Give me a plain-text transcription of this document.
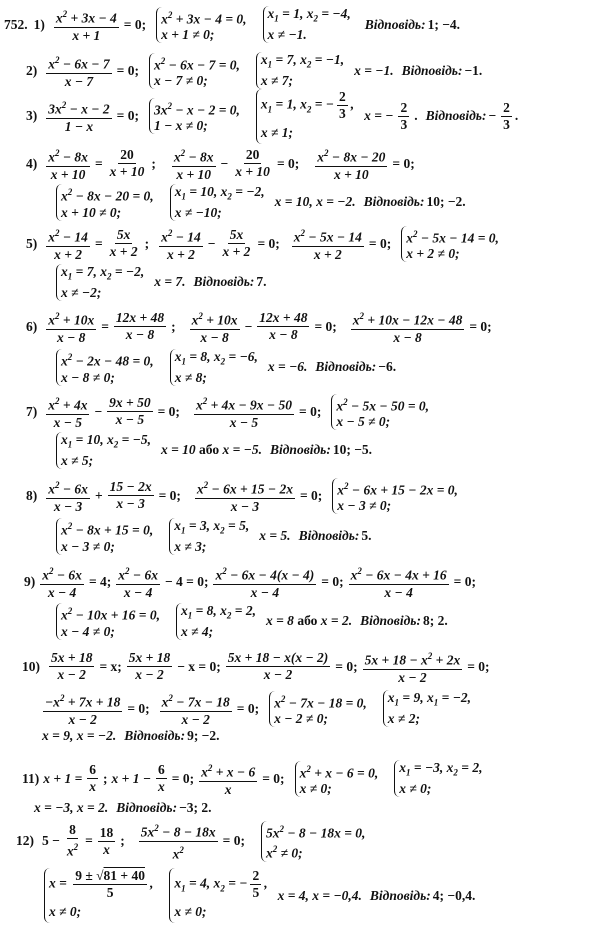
752. $1) \frac{x^2 + 3x - 4}{x + 1} = 0$; $x^2 + 3x - 4 = 0$,
x + 1 ≠ 0;
$x_1 = 1$, $x_2 = -4$,
x ≠ −1.
Відповідь: 1; −4.
$2) \frac{x^2 - 6x - 7}{x - 7} = 0$; $x^2 - 6x - 7 = 0$,
x − 7 ≠ 0;
$x_1 = 7$, $x_2 = -1$,
x ≠ 7;
x = −1. Відповідь: −1.
$3) \frac{3x^2 - x - 2}{1 - x} = 0$; $3x^2 - x - 2 = 0$,
1 − x ≠ 0;
$x_1 = 1$, $x_2$ = − $\frac{2}{3}$ ,
x ≠ 1;
x = − $\frac{2}{3}$ . Відповідь: − $\frac{2}{3}$ .
$4) \frac{x^2 - 8x}{x + 10} = \frac{20}{x + 10}$ ; $\frac{x^2 - 8x}{x + 10} - \frac{20}{x + 10} = 0$; $\frac{x^2 - 8x - 20}{x + 10} = 0$;
$x^2 - 8x - 20 = 0$,
x + 10 ≠ 0;
$x_1 = 10$, $x_2 = -2$,
x ≠ −10;
x = 10, x = −2. Відповідь: 10; −2.
$5) \frac{x^2 - 14}{x + 2} = \frac{5x}{x + 2}$ ; $\frac{x^2 - 14}{x + 2} - \frac{5x}{x + 2} = 0$; $\frac{x^2 - 5x - 14}{x + 2} = 0$; $x^2 - 5x - 14 = 0$,
x + 2 ≠ 0;
$x_1 = 7$, $x_2 = -2$,
x ≠ −2;
x = 7. Відповідь: 7.
$6) \frac{x^2 + 10x}{x - 8} = \frac{12x + 48}{x - 8}$ ; $\frac{x^2 + 10x}{x - 8} - \frac{12x + 48}{x - 8} = 0$; $\frac{x^2 + 10x - 12x - 48}{x - 8} = 0$;
$x^2 - 2x - 48 = 0$,
x − 8 ≠ 0;
$x_1 = 8$, $x_2 = -6$,
x ≠ 8;
x = −6. Відповідь: −6.
$7) \frac{x^2 + 4x}{x - 5} - \frac{9x + 50}{x - 5} = 0$; $\frac{x^2 + 4x - 9x - 50}{x - 5} = 0$; $x^2 - 5x - 50 = 0$,
x − 5 ≠ 0;
$x_1 = 10$, $x_2 = -5$,
x ≠ 5;
x = 10 або x = −5. Відповідь: 10; −5.
$8) \frac{x^2 - 6x}{x - 3} + \frac{15 - 2x}{x - 3} = 0$; $\frac{x^2 - 6x + 15 - 2x}{x - 3} = 0$; $x^2 - 6x + 15 - 2x = 0$,
x − 3 ≠ 0;
$x^2 - 8x + 15 = 0$,
x − 3 ≠ 0;
$x_1 = 3$, $x_2 = 5$,
x ≠ 3;
x = 5. Відповідь: 5.
$9) \frac{x^2 - 6x}{x - 4} = 4$; $\frac{x^2 - 6x}{x - 4} - 4 = 0$; $\frac{x^2 - 6x - 4(x - 4)}{x - 4} = 0$; $\frac{x^2 - 6x - 4x + 16}{x - 4} = 0$;
$x^2 - 10x + 16 = 0$,
x − 4 ≠ 0;
$x_1 = 8$, $x_2 = 2$,
x ≠ 4;
x = 8 або x = 2. Відповідь: 8; 2.
$10) \frac{5x + 18}{x - 2} = x$; $\frac{5x + 18}{x - 2} - x = 0$; $\frac{5x + 18 - x(x - 2)}{x - 2} = 0$; $\frac{5x + 18 - x^2 + 2x}{x - 2} = 0$;
$\frac{-x^2 + 7x + 18}{x - 2} = 0$; $\frac{x^2 - 7x - 18}{x - 2} = 0$; $x^2 - 7x - 18 = 0$,
x − 2 ≠ 0;
$x_1 = 9$, $x_1 = -2$,
x ≠ 2;
x = 9, x = −2. Відповідь: 9; −2.
11) $x + 1 = \frac{6}{x}$ ; $x + 1 - \frac{6}{x} = 0$; $\frac{x^2 + x - 6}{x} = 0$; $x^2 + x - 6 = 0$,
x ≠ 0;
$x_1 = -3$, $x_2 = 2$,
x ≠ 0;
x = −3, x = 2. Відповідь: −3; 2.
12) $5 - \frac{8}{x^2} = \frac{18}{x}$ ; $\frac{5x^2 - 8 - 18x}{x^2} = 0$;
$5x^2 - 8 - 18x = 0$,
$x^2 \ne 0$;
$x = \frac{9 \pm √81 + 40}{5}$ ,
x ≠ 0;
$x_1 = 4$, $x_2$ = − $\frac{2}{5}$ ,
x ≠ 0;
x = 4, x = −0,4. Відповідь: 4; −0,4.
